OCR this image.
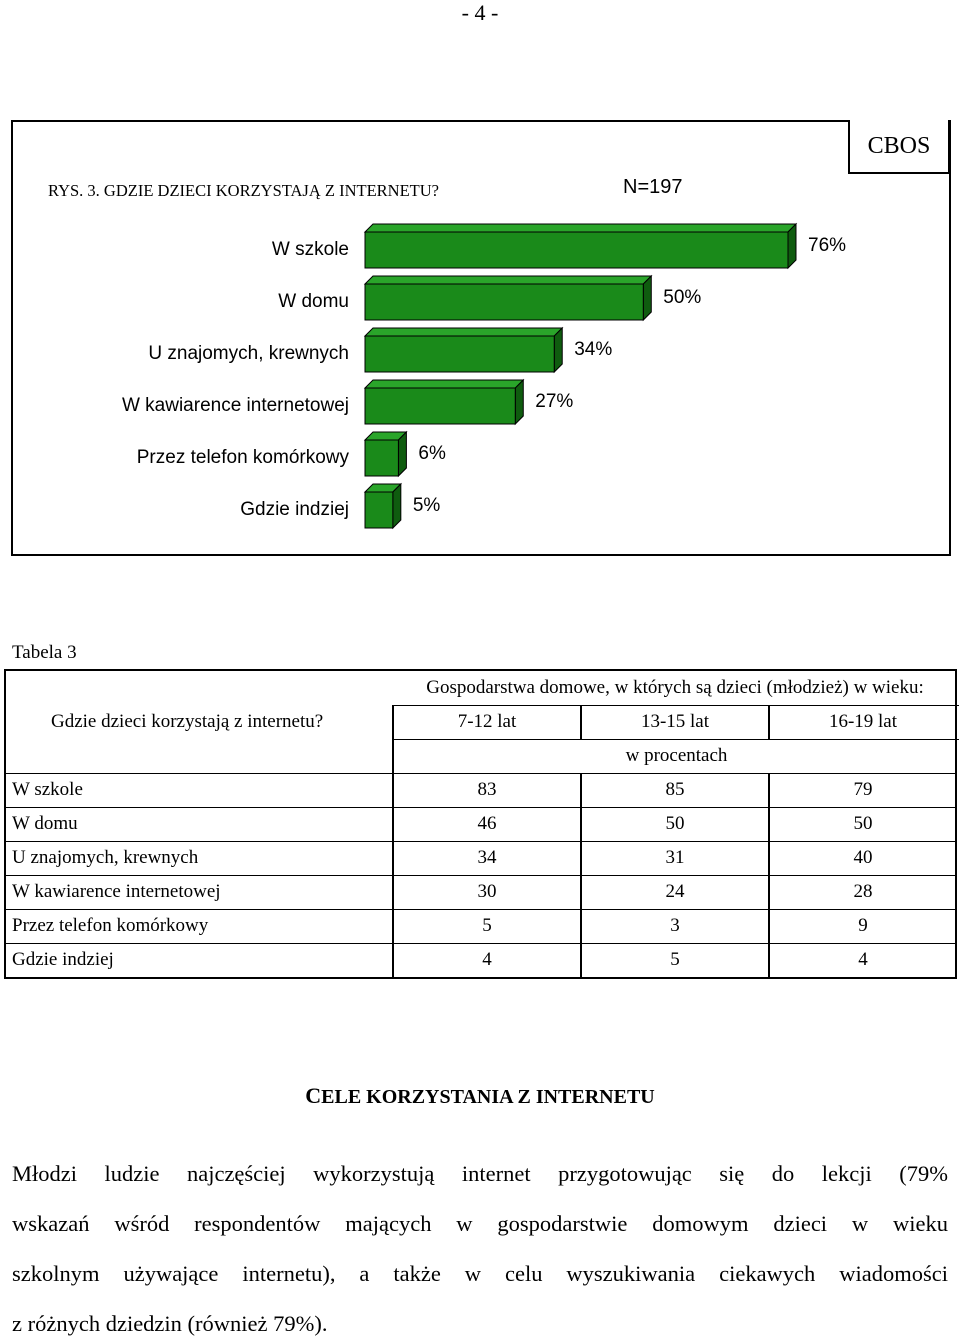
- 4 -
RYS. 3. GDZIE DZIECI KORZYSTAJĄ Z INTERNETU?	N=197
W szkole	76%
W domu	50%
U znajomych, krewnych	34%
W kawiarence internetowej	27%
Przez telefon komórkowy	6%
Gdzie indziej	5%
CBOS
Tabela 3
Gdzie dzieci korzystają z internetu?
Gospodarstwa domowe, w których są dzieci (młodzież) w wieku:
7-12 lat	13-15 lat	16-19 lat
w procentach
W szkole	83	85	79
W domu	46	50	50
U znajomych, krewnych	34	31	40
W kawiarence internetowej	30	24	28
Przez telefon komórkowy	5	3	9
Gdzie indziej	4	5	4
CELE KORZYSTANIA Z INTERNETU
Młodzi ludzie najczęściej wykorzystują internet przygotowując się do lekcji (79%
wskazań wśród respondentów mających w gospodarstwie domowym dzieci w wieku
szkolnym używające internetu), a także w celu wyszukiwania ciekawych wiadomości
z różnych dziedzin (również 79%).
